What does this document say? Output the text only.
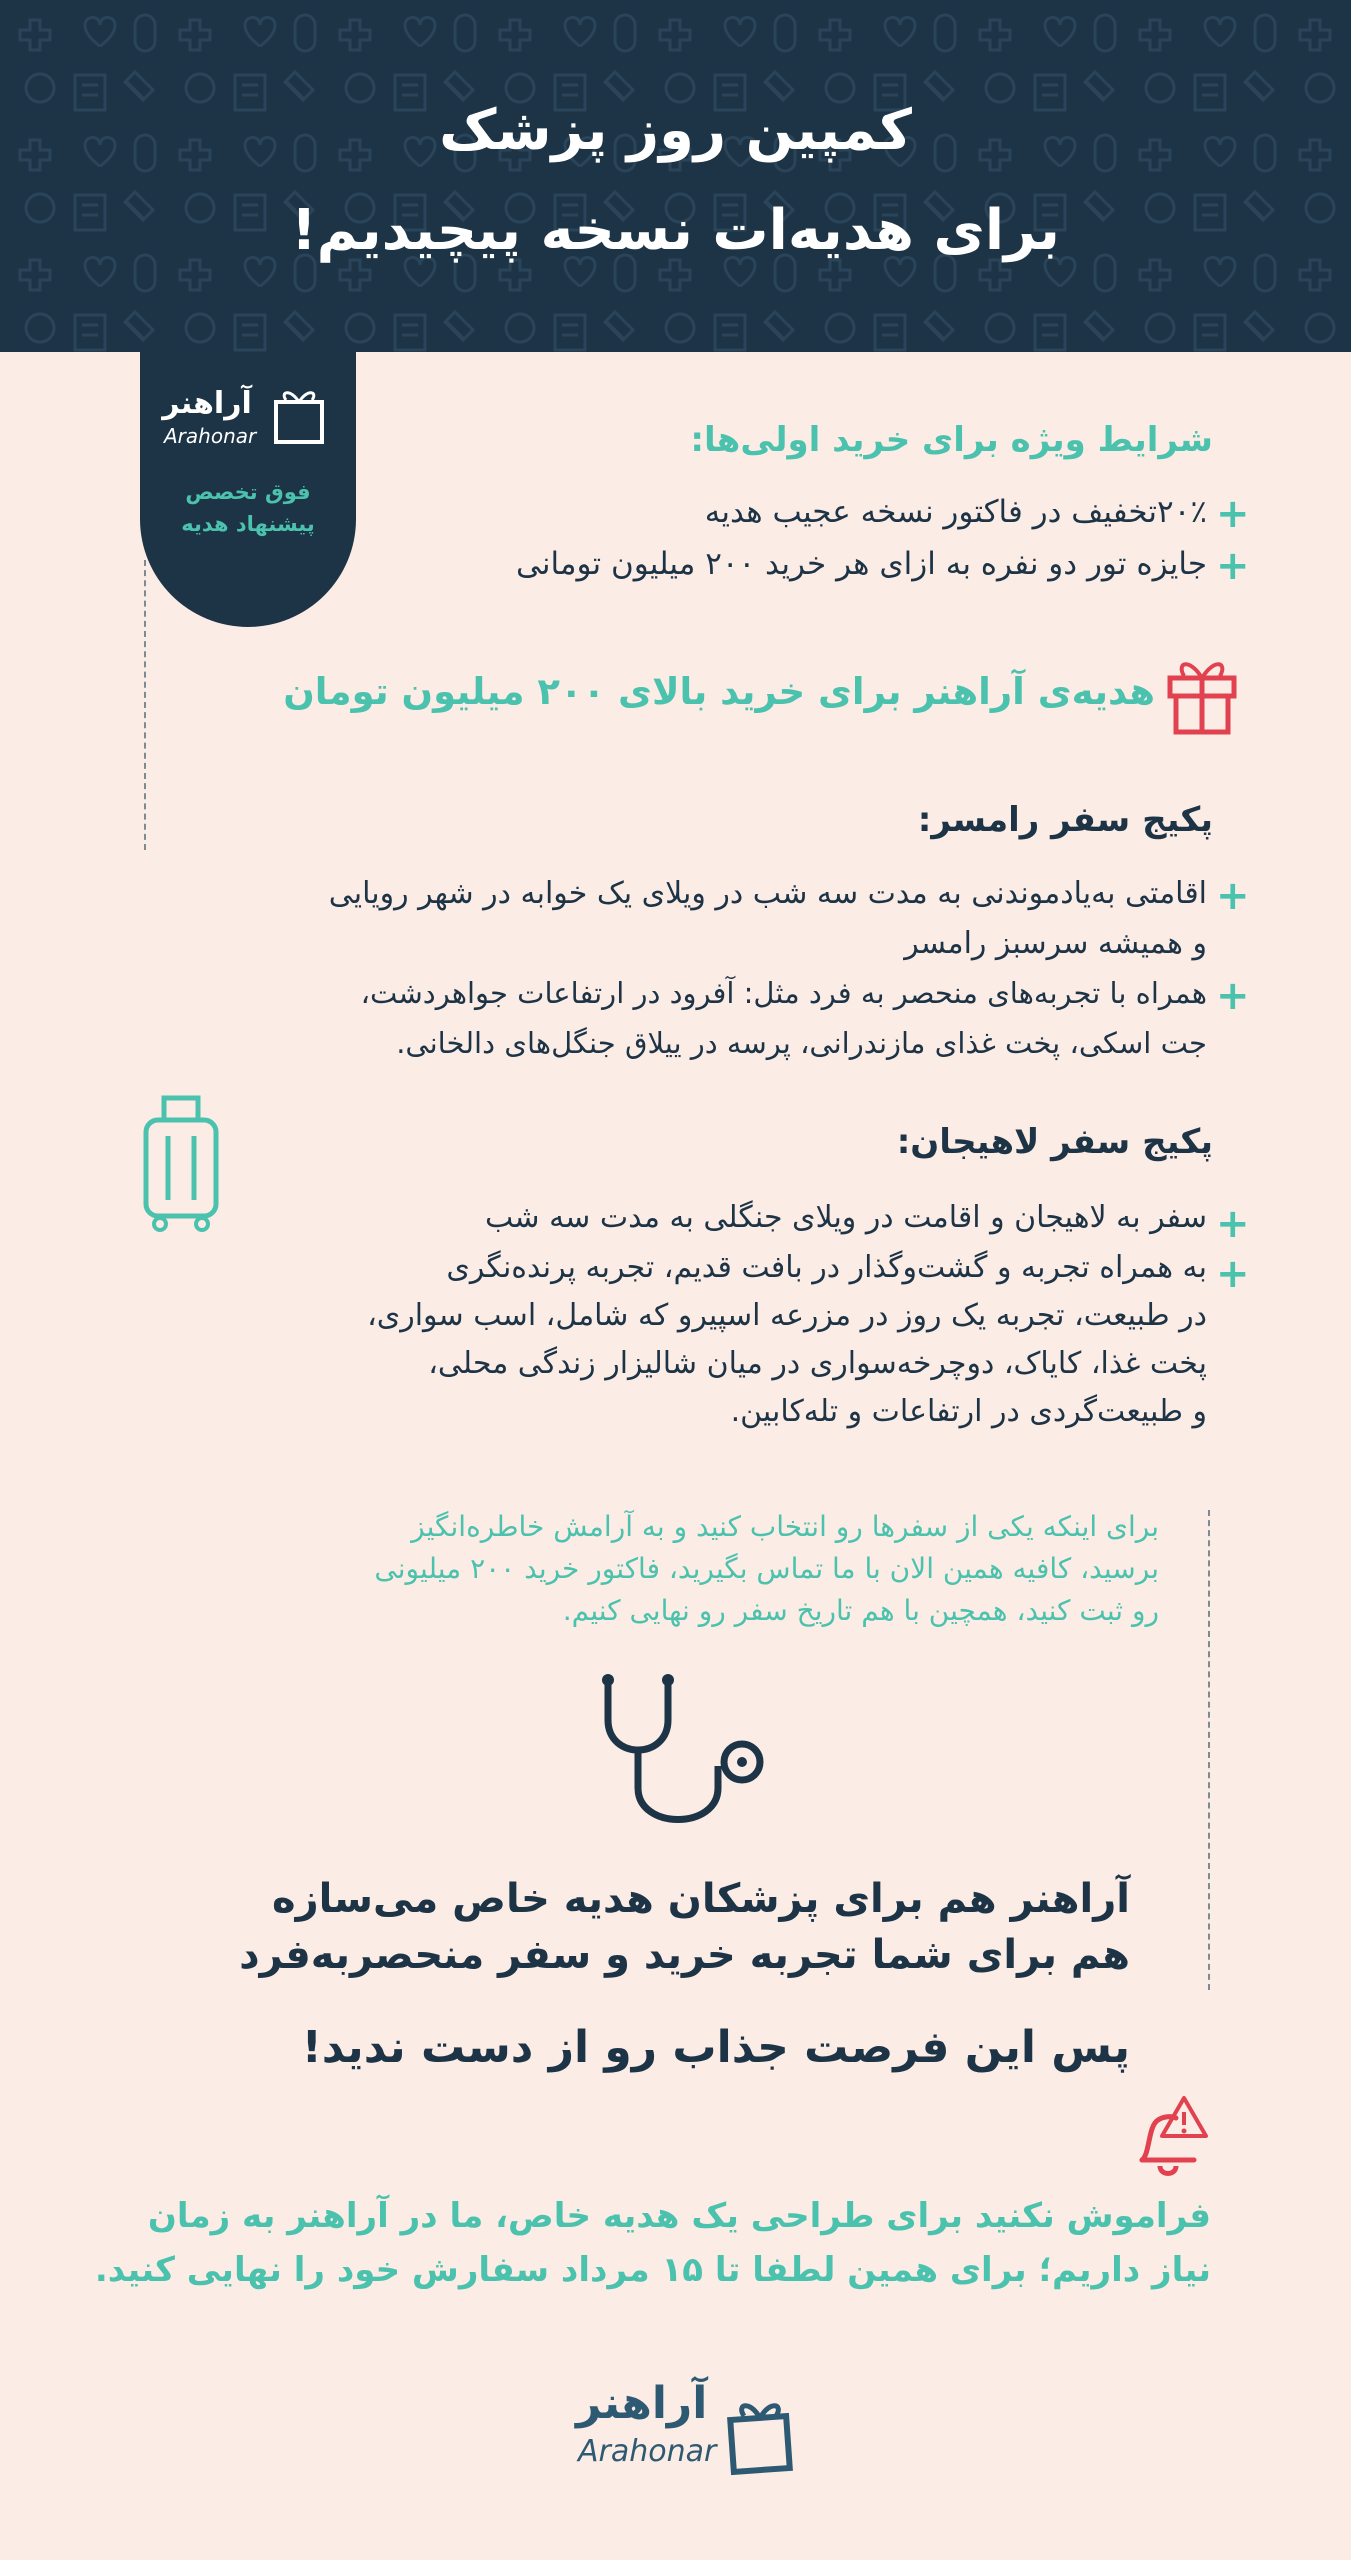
کمپین روز پزشک
برای هدیه‌ات نسخه پیچیدیم!
آراهنر
Arahonar
فوق تخصص
پیشنهاد هدیه
شرایط ویژه برای خرید اولی‌ها:
+
۲۰٪تخفیف در فاکتور نسخه عجیب هدیه
+
جایزه تور دو نفره به ازای هر خرید ۲۰۰ میلیون تومانی
هدیه‌ی آراهنر برای خرید بالای ۲۰۰ میلیون تومان
پکیج سفر رامسر:
+
اقامتی به‌یادموندنی به مدت سه شب در ویلای یک خوابه در شهر رویایی
و همیشه سرسبز رامسر
+
همراه با تجربه‌های منحصر به فرد مثل: آفرود در ارتفاعات جواهردشت،
جت اسکی، پخت غذای مازندرانی، پرسه در ییلاق جنگل‌های دالخانی.
پکیج سفر لاهیجان:
+
سفر به لاهیجان و اقامت در ویلای جنگلی به مدت سه شب
+
به همراه تجربه و گشت‌وگذار در بافت قدیم، تجربه پرنده‌نگری
در طبیعت، تجربه یک روز در مزرعه اسپیرو که شامل، اسب سواری،
پخت غذا، کایاک، دوچرخه‌سواری در میان شالیزار زندگی محلی،
و طبیعت‌گردی در ارتفاعات و تله‌کابین.
برای اینکه یکی از سفرها رو انتخاب کنید و به آرامش خاطره‌انگیز
برسید، کافیه همین الان با ما تماس بگیرید، فاکتور خرید ۲۰۰ میلیونی
رو ثبت کنید، همچین با هم تاریخ سفر رو نهایی کنیم.
آراهنر هم برای پزشکان هدیه خاص می‌سازه
هم برای شما تجربه خرید و سفر منحصربه‌فرد
پس این فرصت جذاب رو از دست ندید!
فراموش نکنید برای طراحی یک هدیه خاص، ما در آراهنر به زمان
نیاز داریم؛ برای همین لطفا تا ۱۵ مرداد سفارش خود را نهایی کنید.
آراهنر
Arahonar
